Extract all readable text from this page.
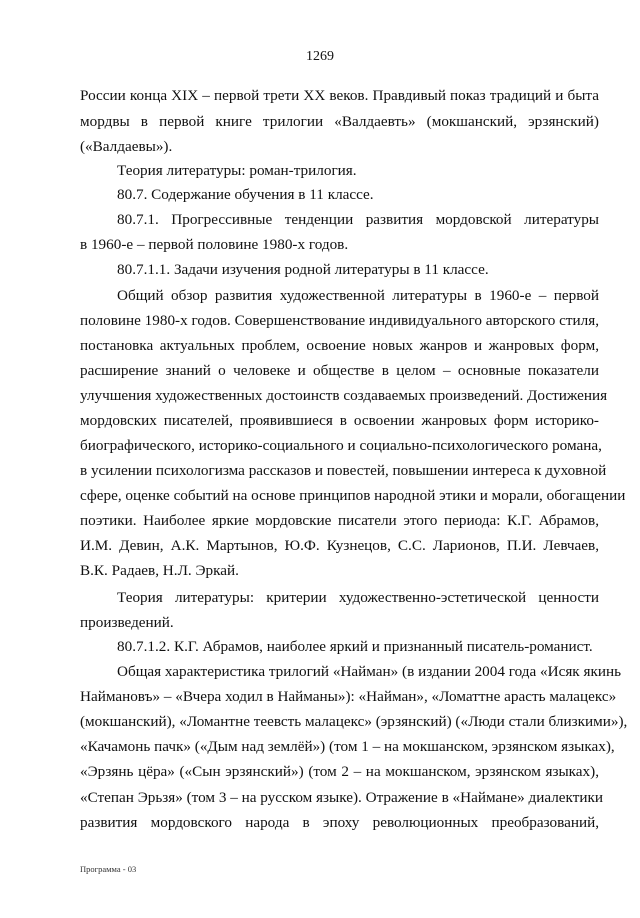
1269
России конца XIX – первой трети XX веков. Правдивый показ традиций и быта
мордвы в первой книге трилогии «Валдаевть» (мокшанский, эрзянский)
(«Валдаевы»).
Теория литературы: роман-трилогия.
80.7. Содержание обучения в 11 классе.
80.7.1. Прогрессивные тенденции развития мордовской литературы
в 1960-е – первой половине 1980-х годов.
80.7.1.1. Задачи изучения родной литературы в 11 классе.
Общий обзор развития художественной литературы в 1960-е – первой
половине 1980-х годов. Совершенствование индивидуального авторского стиля,
постановка актуальных проблем, освоение новых жанров и жанровых форм,
расширение знаний о человеке и обществе в целом – основные показатели
улучшения художественных достоинств создаваемых произведений. Достижения
мордовских писателей, проявившиеся в освоении жанровых форм историко-
биографического, историко-социального и социально-психологического романа,
в усилении психологизма рассказов и повестей, повышении интереса к духовной
сфере, оценке событий на основе принципов народной этики и морали, обогащении
поэтики. Наиболее яркие мордовские писатели этого периода: К.Г. Абрамов,
И.М. Девин, А.К. Мартынов, Ю.Ф. Кузнецов, С.С. Ларионов, П.И. Левчаев,
В.К. Радаев, Н.Л. Эркай.
Теория литературы: критерии художественно-эстетической ценности
произведений.
80.7.1.2. К.Г. Абрамов, наиболее яркий и признанный писатель-романист.
Общая характеристика трилогий «Найман» (в издании 2004 года «Исяк якинь
Наймановъ» – «Вчера ходил в Найманы»): «Найман», «Ломаттне арасть малацекс»
(мокшанский), «Ломантне теевсть малацекс» (эрзянский) («Люди стали близкими»),
«Качамонь пачк» («Дым над землёй») (том 1 – на мокшанском, эрзянском языках),
«Эрзянь цёра» («Сын эрзянский») (том 2 – на мокшанском, эрзянском языках),
«Степан Эрьзя» (том 3 – на русском языке). Отражение в «Наймане» диалектики
развития мордовского народа в эпоху революционных преобразований,
Программа - 03
